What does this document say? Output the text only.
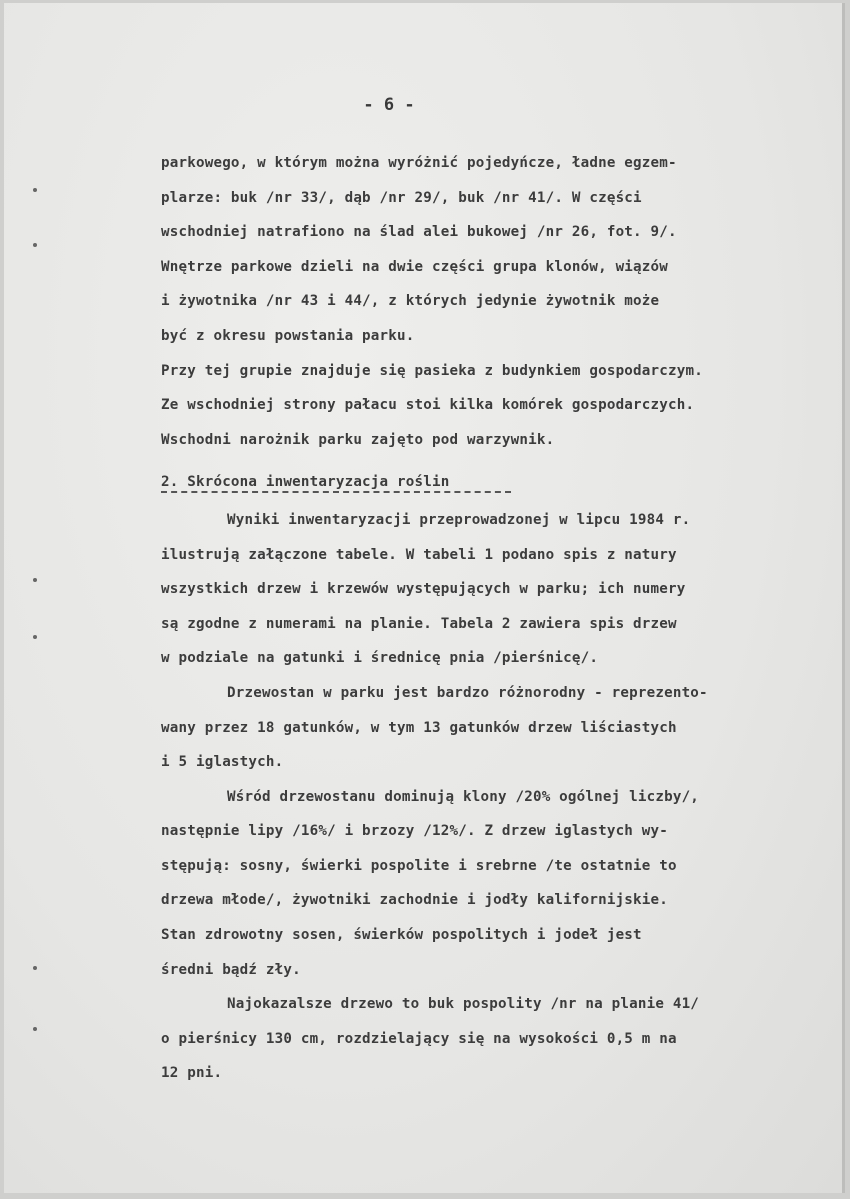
- 6 -
parkowego, w którym można wyróżnić pojedyńcze, ładne egzem-
plarze: buk /nr 33/, dąb /nr 29/, buk /nr 41/. W części
wschodniej natrafiono na ślad alei bukowej /nr 26, fot. 9/.
Wnętrze parkowe dzieli na dwie części grupa klonów, wiązów
i żywotnika /nr 43 i 44/, z których jedynie żywotnik może
być z okresu powstania parku.
Przy tej grupie znajduje się pasieka z budynkiem gospodarczym.
Ze wschodniej strony pałacu stoi kilka komórek gospodarczych.
Wschodni narożnik parku zajęto pod warzywnik.
2. Skrócona inwentaryzacja roślin
Wyniki inwentaryzacji przeprowadzonej w lipcu 1984 r.
ilustrują załączone tabele. W tabeli 1 podano spis z natury
wszystkich drzew i krzewów występujących w parku; ich numery
są zgodne z numerami na planie. Tabela 2 zawiera spis drzew
w podziale na gatunki i średnicę pnia /pierśnicę/.
Drzewostan w parku jest bardzo różnorodny - reprezento-
wany przez 18 gatunków, w tym 13 gatunków drzew liściastych
i 5 iglastych.
Wśród drzewostanu dominują klony /20% ogólnej liczby/,
następnie lipy /16%/ i brzozy /12%/. Z drzew iglastych wy-
stępują: sosny, świerki pospolite i srebrne /te ostatnie to
drzewa młode/, żywotniki zachodnie i jodły kalifornijskie.
Stan zdrowotny sosen, świerków pospolitych i jodeł jest
średni bądź zły.
Najokazalsze drzewo to buk pospolity /nr na planie 41/
o pierśnicy 130 cm, rozdzielający się na wysokości 0,5 m na
12 pni.
